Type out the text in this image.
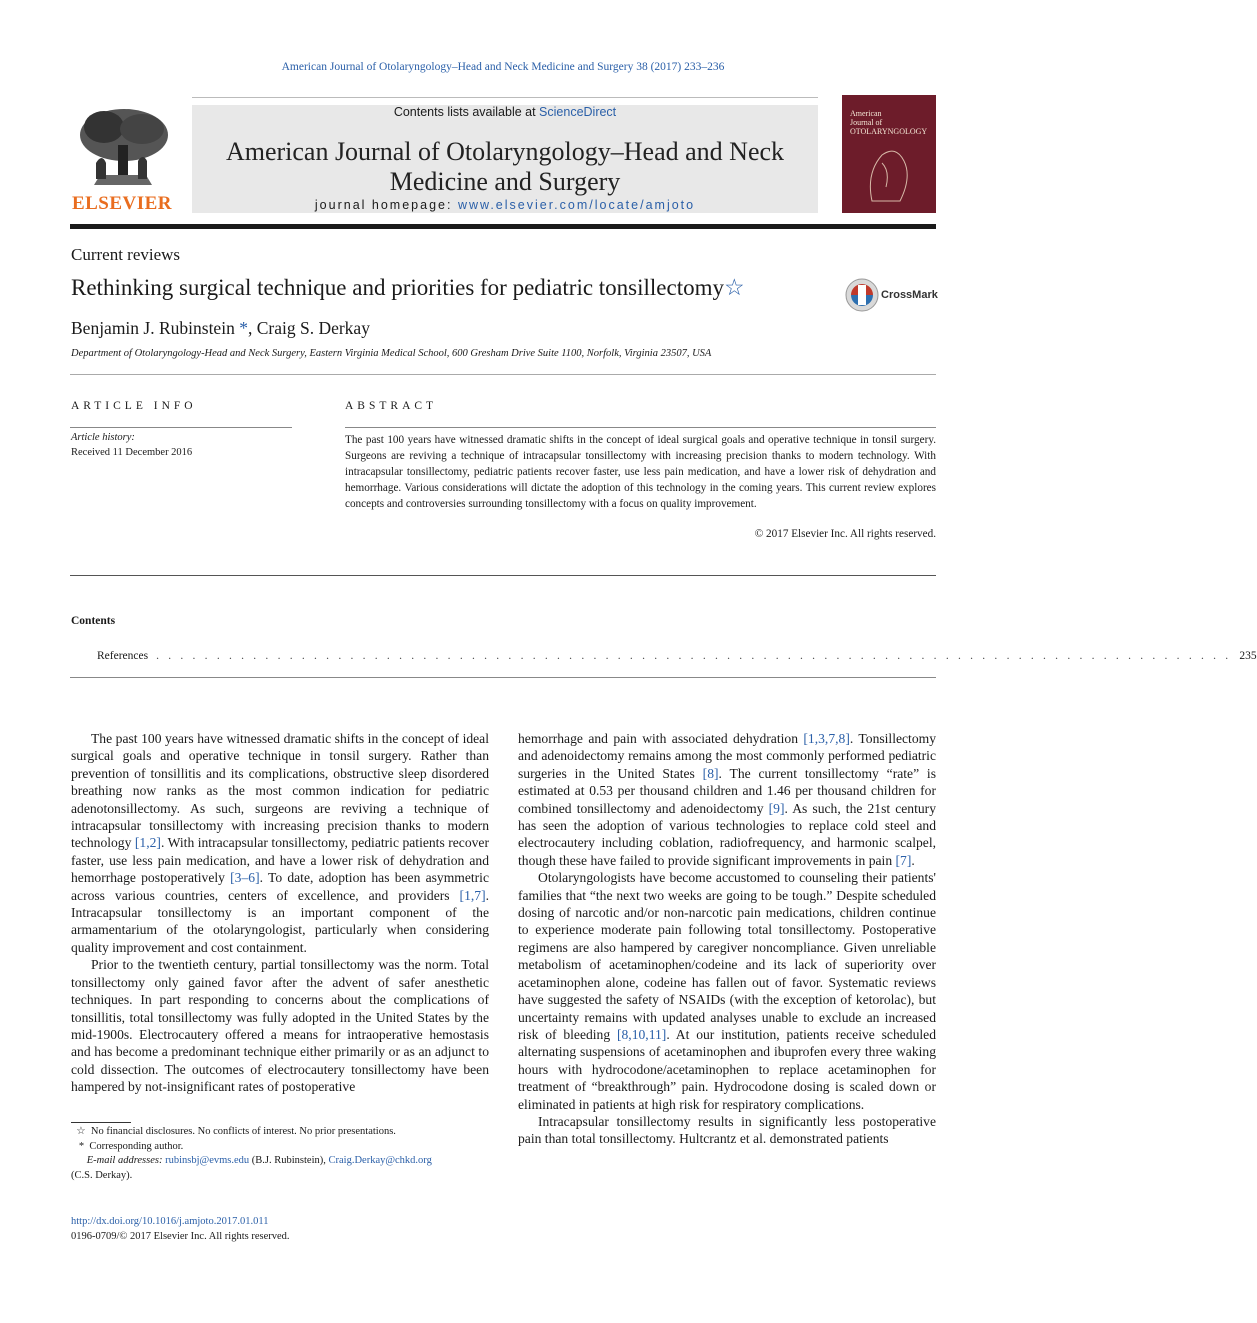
American Journal of Otolaryngology–Head and Neck Medicine and Surgery 38 (2017) 233–236
ELSEVIER
Contents lists available at ScienceDirect
American Journal of Otolaryngology–Head and Neck
Medicine and Surgery
journal homepage: www.elsevier.com/locate/amjoto
American
Journal of
OTOLARYNGOLOGY
Current reviews
Rethinking surgical technique and priorities for pediatric tonsillectomy☆	CrossMark
Benjamin J. Rubinstein *, Craig S. Derkay
Department of Otolaryngology-Head and Neck Surgery, Eastern Virginia Medical School, 600 Gresham Drive Suite 1100, Norfolk, Virginia 23507, USA
ARTICLE INFO
Article history:
Received 11 December 2016
ABSTRACT
The past 100 years have witnessed dramatic shifts in the concept of ideal surgical goals and operative technique in tonsil surgery. Surgeons are reviving a technique of intracapsular tonsillectomy with increasing precision thanks to modern technology. With intracapsular tonsillectomy, pediatric patients recover faster, use less pain medication, and have a lower risk of dehydration and hemorrhage. Various considerations will dictate the adoption of this technology in the coming years. This current review explores concepts and controversies surrounding tonsillectomy with a focus on quality improvement.
© 2017 Elsevier Inc. All rights reserved.
Contents
References . . . . . . . . . . . . . . . . . . . . . . . . . . . . . . . . . . . . . . . . . . . . . . . . . . . . . . . . . . . . . . . . . . . . . . . . . . . . . . . . . . . . . . . . . 235

The past 100 years have witnessed dramatic shifts in the concept of ideal surgical goals and operative technique in tonsil surgery. Rather than prevention of tonsillitis and its complications, obstructive sleep disordered breathing now ranks as the most common indication for pediatric adenotonsillectomy. As such, surgeons are reviving a technique of intracapsular tonsillectomy with increasing precision thanks to modern technology [1,2]. With intracapsular tonsillectomy, pediatric patients recover faster, use less pain medication, and have a lower risk of dehydration and hemorrhage postoperatively [3–6]. To date, adoption has been asymmetric across various countries, centers of excellence, and providers [1,7]. Intracapsular tonsillectomy is an important component of the armamentarium of the otolaryngologist, particularly when considering quality improvement and cost containment.

Prior to the twentieth century, partial tonsillectomy was the norm. Total tonsillectomy only gained favor after the advent of safer anesthetic techniques. In part responding to concerns about the complications of tonsillitis, total tonsillectomy was fully adopted in the United States by the mid-1900s. Electrocautery offered a means for intraoperative hemostasis and has become a predominant technique either primarily or as an adjunct to cold dissection. The outcomes of electrocautery tonsillectomy have been hampered by not-insignificant rates of postoperative

hemorrhage and pain with associated dehydration [1,3,7,8]. Tonsillectomy and adenoidectomy remains among the most commonly performed pediatric surgeries in the United States [8]. The current tonsillectomy “rate” is estimated at 0.53 per thousand children and 1.46 per thousand children for combined tonsillectomy and adenoidectomy [9]. As such, the 21st century has seen the adoption of various technologies to replace cold steel and electrocautery including coblation, radiofrequency, and harmonic scalpel, though these have failed to provide significant improvements in pain [7].

Otolaryngologists have become accustomed to counseling their patients' families that “the next two weeks are going to be tough.” Despite scheduled dosing of narcotic and/or non-narcotic pain medications, children continue to experience moderate pain following total tonsillectomy. Postoperative regimens are also hampered by caregiver noncompliance. Given unreliable metabolism of acetaminophen/codeine and its lack of superiority over acetaminophen alone, codeine has fallen out of favor. Systematic reviews have suggested the safety of NSAIDs (with the exception of ketorolac), but uncertainty remains with updated analyses unable to exclude an increased risk of bleeding [8,10,11]. At our institution, patients receive scheduled alternating suspensions of acetaminophen and ibuprofen every three waking hours with hydrocodone/acetaminophen to replace acetaminophen for treatment of “breakthrough” pain. Hydrocodone dosing is scaled down or eliminated in patients at high risk for respiratory complications.

Intracapsular tonsillectomy results in significantly less postoperative pain than total tonsillectomy. Hultcrantz et al. demonstrated patients

☆ No financial disclosures. No conflicts of interest. No prior presentations.
* Corresponding author.
E-mail addresses: rubinsbj@evms.edu (B.J. Rubinstein), Craig.Derkay@chkd.org
(C.S. Derkay).
http://dx.doi.org/10.1016/j.amjoto.2017.01.011
0196-0709/© 2017 Elsevier Inc. All rights reserved.
